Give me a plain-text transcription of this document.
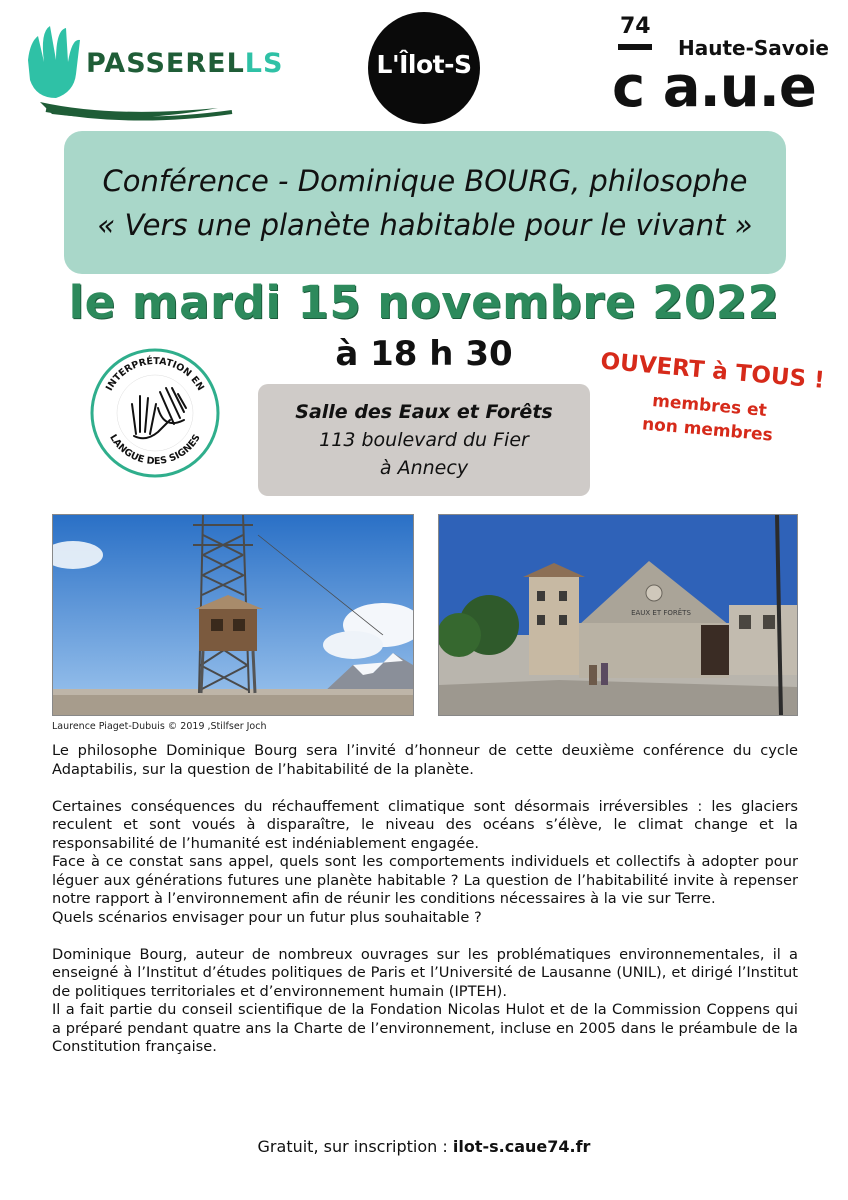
PASSERELLS	L'Îlot-S
74
Haute-Savoie
c a.u.e
Conférence - Dominique BOURG, philosophe
« Vers une planète habitable pour le vivant »
le mardi 15 novembre 2022
à 18 h 30
INTERPRÉTATION EN
LANGUE DES SIGNES
Salle des Eaux et Forêts
113 boulevard du Fier
à Annecy
OUVERT à TOUS !
membres et
non membres
EAUX ET FORÊTS
Laurence Piaget-Dubuis © 2019 ,Stilfser Joch

Le philosophe Dominique Bourg sera l’invité d’honneur de cette deuxième conférence du cycle Adaptabilis, sur la question de l’habitabilité de la planète.

Certaines conséquences du réchauffement climatique sont désormais irréversibles : les glaciers reculent et sont voués à disparaître, le niveau des océans s’élève, le climat change et la responsabilité de l’humanité est indéniablement engagée.

Face à ce constat sans appel, quels sont les comportements individuels et collectifs à adopter pour léguer aux générations futures une planète habitable ? La question de l’habitabilité invite à repenser notre rapport à l’environnement afin de réunir les conditions nécessaires à la vie sur Terre.

Quels scénarios envisager pour un futur plus souhaitable ?

Dominique Bourg, auteur de nombreux ouvrages sur les problématiques environnementales, il a enseigné à l’Institut d’études politiques de Paris et l’Université de Lausanne (UNIL), et dirigé l’Institut de politiques territoriales et d’environnement humain (IPTEH).

Il a fait partie du conseil scientifique de la Fondation Nicolas Hulot et de la Commission Coppens qui a préparé pendant quatre ans la Charte de l’environnement, incluse en 2005 dans le préambule de la Constitution française.

Gratuit, sur inscription : ilot-s.caue74.fr
